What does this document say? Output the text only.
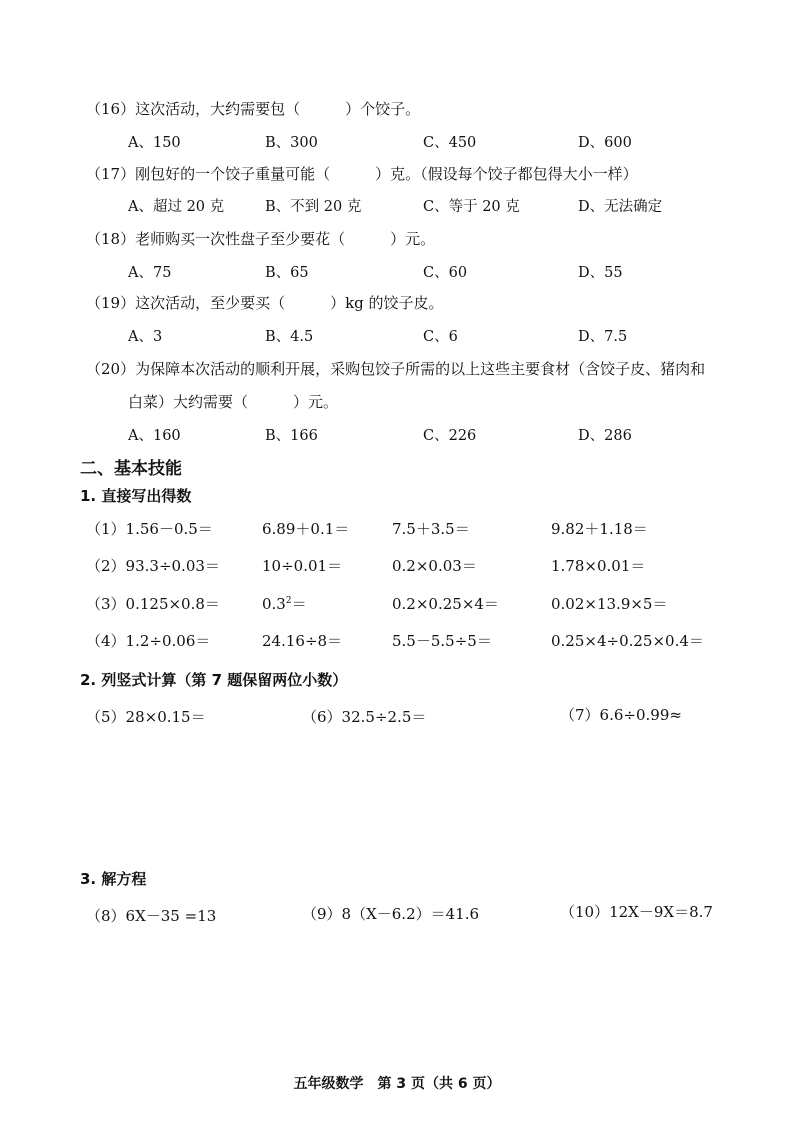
（16）这次活动，大约需要包（　　　）个饺子。
A、150	B、300	C、450	D、600
（17）刚包好的一个饺子重量可能（　　　）克。（假设每个饺子都包得大小一样）
A、超过 20 克	B、不到 20 克	C、等于 20 克	D、无法确定
（18）老师购买一次性盘子至少要花（　　　）元。
A、75	B、65	C、60	D、55
（19）这次活动，至少要买（　　　）kg 的饺子皮。
A、3	B、4.5	C、6	D、7.5
（20）为保障本次活动的顺利开展，采购包饺子所需的以上这些主要食材（含饺子皮、猪肉和
白菜）大约需要（　　　）元。
A、160	B、166	C、226	D、286
二、基本技能
1. 直接写出得数
（1）1.56－0.5＝	6.89＋0.1＝	7.5＋3.5＝	9.82＋1.18＝
（2）93.3÷0.03＝	10÷0.01＝	0.2×0.03＝	1.78×0.01＝
（3）0.125×0.8＝	$0.3^2=$	0.2×0.25×4＝	0.02×13.9×5＝
（4）1.2÷0.06＝	24.16÷8＝	5.5－5.5÷5＝	0.25×4÷0.25×0.4＝
2. 列竖式计算（第 7 题保留两位小数）
（5）28×0.15＝	（6）32.5÷2.5＝	（7）6.6÷0.99≈
3. 解方程
（8）6X－35 =13	（9）8（X－6.2）＝41.6	（10）12X－9X＝8.7
五年级数学　第 3 页（共 6 页）
